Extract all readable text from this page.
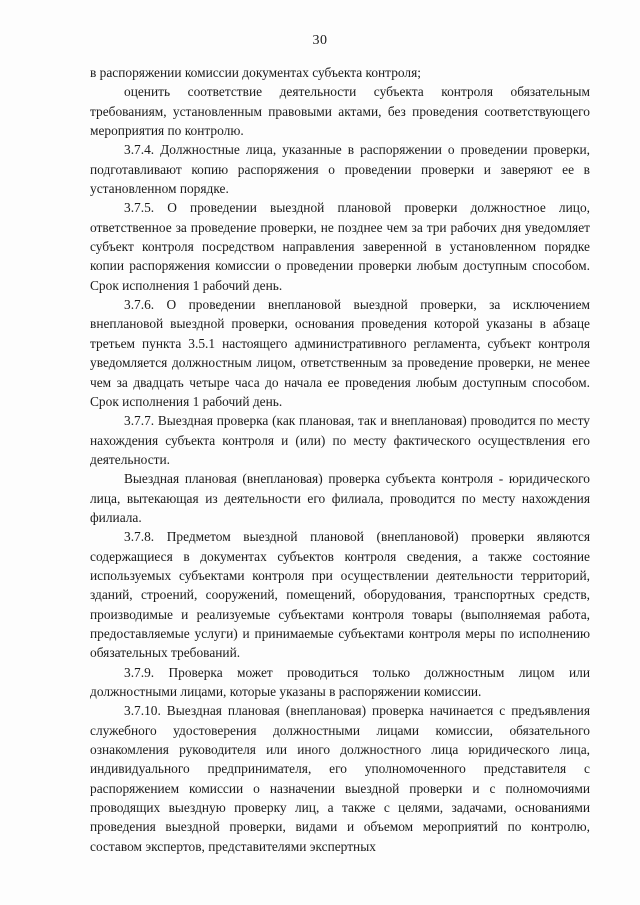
30

в распоряжении комиссии документах субъекта контроля;

оценить соответствие деятельности субъекта контроля обязательным требованиям, установленным правовыми актами, без проведения соответствующего мероприятия по контролю.

3.7.4. Должностные лица, указанные в распоряжении о проведении проверки, подготавливают копию распоряжения о проведении проверки и заверяют ее в установленном порядке.

3.7.5. О проведении выездной плановой проверки должностное лицо, ответственное за проведение проверки, не позднее чем за три рабочих дня уведомляет субъект контроля посредством направления заверенной в установленном порядке копии распоряжения комиссии о проведении проверки любым доступным способом. Срок исполнения 1 рабочий день.

3.7.6. О проведении внеплановой выездной проверки, за исключением внеплановой выездной проверки, основания проведения которой указаны в абзаце третьем пункта 3.5.1 настоящего административного регламента, субъект контроля уведомляется должностным лицом, ответственным за проведение проверки, не менее чем за двадцать четыре часа до начала ее проведения любым доступным способом. Срок исполнения 1 рабочий день.

3.7.7. Выездная проверка (как плановая, так и внеплановая) проводится по месту нахождения субъекта контроля и (или) по месту фактического осуществления его деятельности.

Выездная плановая (внеплановая) проверка субъекта контроля - юридического лица, вытекающая из деятельности его филиала, проводится по месту нахождения филиала.

3.7.8. Предметом выездной плановой (внеплановой) проверки являются содержащиеся в документах субъектов контроля сведения, а также состояние используемых субъектами контроля при осуществлении деятельности территорий, зданий, строений, сооружений, помещений, оборудования, транспортных средств, производимые и реализуемые субъектами контроля товары (выполняемая работа, предоставляемые услуги) и принимаемые субъектами контроля меры по исполнению обязательных требований.

3.7.9. Проверка может проводиться только должностным лицом или должностными лицами, которые указаны в распоряжении комиссии.

3.7.10. Выездная плановая (внеплановая) проверка начинается с предъявления служебного удостоверения должностными лицами комиссии, обязательного ознакомления руководителя или иного должностного лица юридического лица, индивидуального предпринимателя, его уполномоченного представителя с распоряжением комиссии о назначении выездной проверки и с полномочиями проводящих выездную проверку лиц, а также с целями, задачами, основаниями проведения выездной проверки, видами и объемом мероприятий по контролю, составом экспертов, представителями экспертных
